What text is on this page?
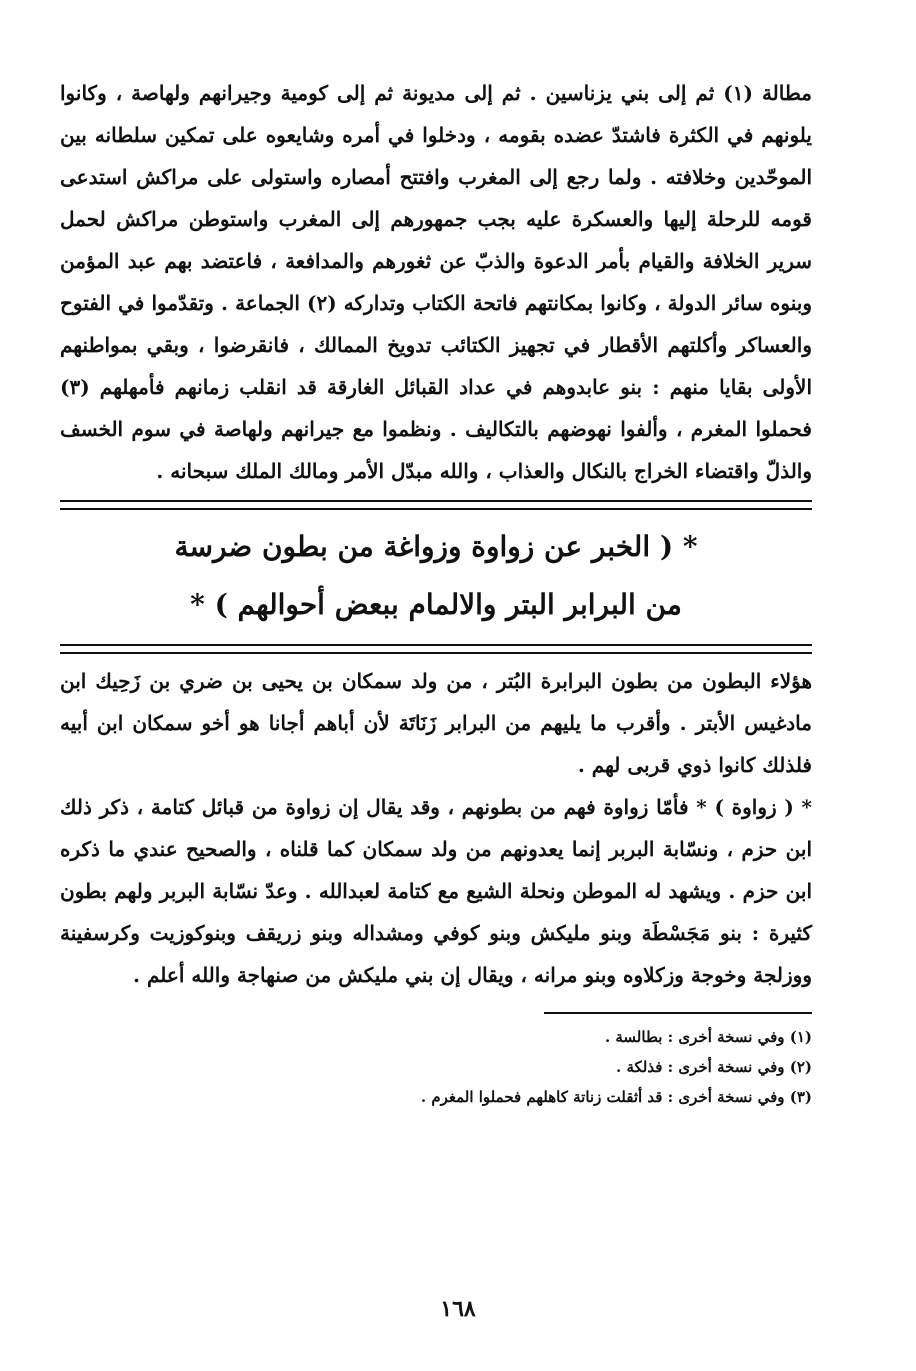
مطالة (١) ثم إلى بني يزناسين . ثم إلى مديونة ثم إلى كومية وجيرانهم ولهاصة ، وكانوا يلونهم في الكثرة فاشتدّ عضده بقومه ، ودخلوا في أمره وشايعوه على تمكين سلطانه بين الموحّدين وخلافته . ولما رجع إلى المغرب وافتتح أمصاره واستولى على مراكش استدعى قومه للرحلة إليها والعسكرة عليه بجب جمهورهم إلى المغرب واستوطن مراكش لحمل سرير الخلافة والقيام بأمر الدعوة والذبّ عن ثغورهم والمدافعة ، فاعتضد بهم عبد المؤمن وبنوه سائر الدولة ، وكانوا بمكانتهم فاتحة الكتاب وتداركه (٢) الجماعة . وتقدّموا في الفتوح والعساكر وأكلتهم الأقطار في تجهيز الكتائب تدويخ الممالك ، فانقرضوا ، وبقي بمواطنهم الأولى بقايا منهم : بنو عابدوهم في عداد القبائل الغارقة قد انقلب زمانهم فأمهلهم (٣) فحملوا المغرم ، وألفوا نهوضهم بالتكاليف . ونظموا مع جيرانهم ولهاصة في سوم الخسف والذلّ واقتضاء الخراج بالنكال والعذاب ، والله مبدّل الأمر ومالك الملك سبحانه .

* ( الخبر عن زواوة وزواغة من بطون ضرسة
من البرابر البتر والالمام ببعض أحوالهم ) *

هؤلاء البطون من بطون البرابرة البُتر ، من ولد سمكان بن يحيى بن ضري بن زَحِيك ابن مادغيس الأبتر . وأقرب ما يليهم من البرابر زَنَاتَة لأن أباهم أجانا هو أخو سمكان ابن أبيه فلذلك كانوا ذوي قربى لهم .

* ( زواوة ) * فأمّا زواوة فهم من بطونهم ، وقد يقال إن زواوة من قبائل كتامة ، ذكر ذلك ابن حزم ، ونسّابة البربر إنما يعدونهم من ولد سمكان كما قلناه ، والصحيح عندي ما ذكره ابن حزم . ويشهد له الموطن ونحلة الشيع مع كتامة لعبدالله . وعدّ نسّابة البربر ولهم بطون كثيرة : بنو مَجَسْطَة وبنو مليكش وبنو كوفي ومشداله وبنو زريقف وبنوكوزيت وكرسفينة ووزلجة وخوجة وزكلاوه وبنو مرانه ، ويقال إن بني مليكش من صنهاجة والله أعلم .

(١) وفي نسخة أخرى : بطالسة .

(٢) وفي نسخة أخرى : فذلكة .

(٣) وفي نسخة أخرى : قد أثقلت زناتة كاهلهم فحملوا المغرم .

١٦٨
